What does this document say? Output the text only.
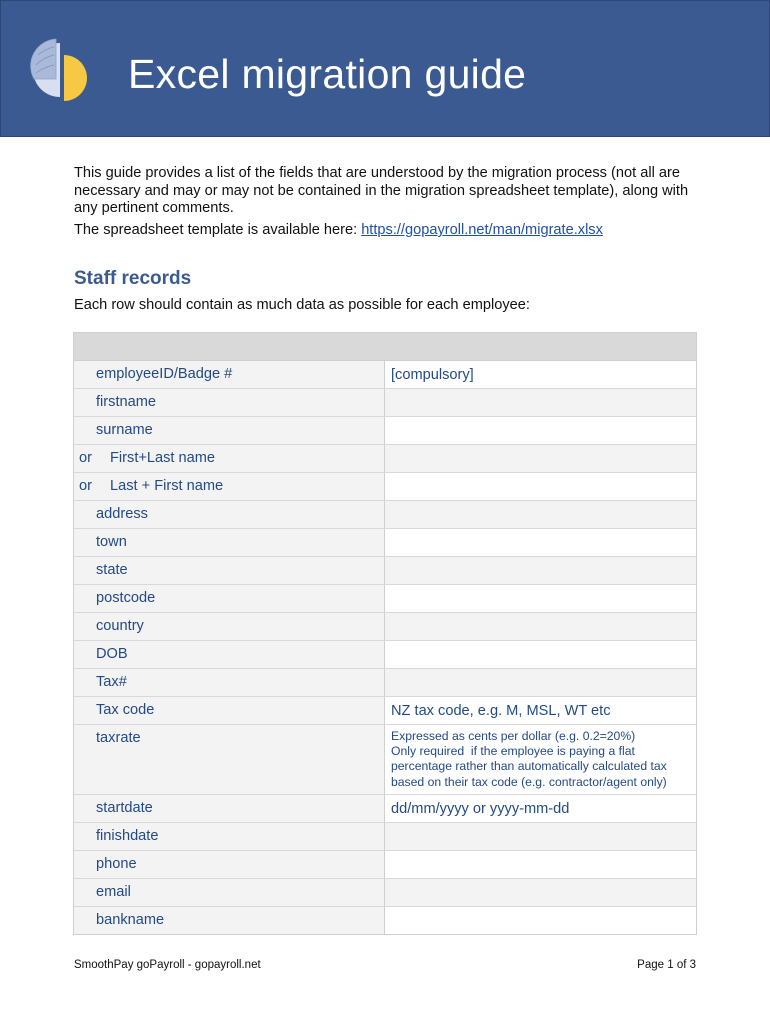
Excel migration guide

This guide provides a list of the fields that are understood by the migration process (not all are necessary and may or may not be contained in the migration spreadsheet template), along with any pertinent comments.

The spreadsheet template is available here: https://gopayroll.net/man/migrate.xlsx
Staff records
Each row should contain as much data as possible for each employee:
employeeID/Badge #	[compulsory]
firstname
surname
or First+Last name
or Last + First name
address
town
state
postcode
country
DOB
Tax#
Tax code	NZ tax code, e.g. M, MSL, WT etc
taxrate	Expressed as cents per dollar (e.g. 0.2=20%)
Only required  if the employee is paying a flat
percentage rather than automatically calculated tax
based on their tax code (e.g. contractor/agent only)
startdate	dd/mm/yyyy or yyyy-mm-dd
finishdate
phone
email
bankname
SmoothPay goPayroll - gopayroll.net	Page 1 of 3
